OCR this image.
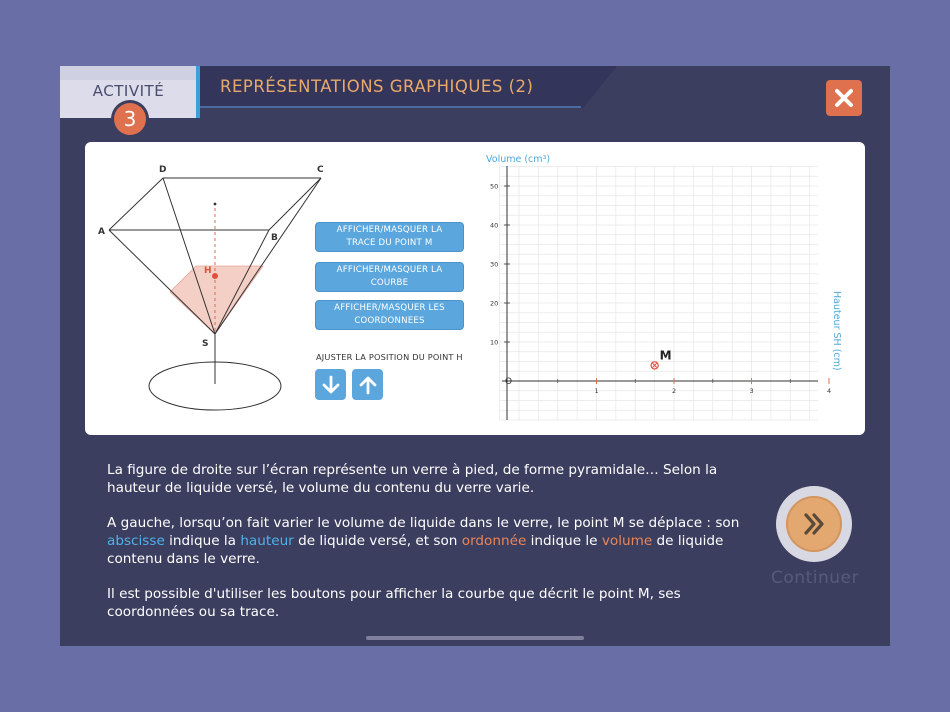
ACTIVITÉ
3
REPRÉSENTATIONS GRAPHIQUES (2)
D	C
A
B
S
H
AFFICHER/MASQUER LA TRACE DU POINT M
AFFICHER/MASQUER LA COURBE
AFFICHER/MASQUER LES COORDONNEES
AJUSTER LA POSITION DU POINT H
1	2	3	4
10
20
30
40
50
M
Volume (cm³)
Hauteur SH (cm)
O

La figure de droite sur l’écran représente un verre à pied, de forme pyramidale… Selon la hauteur de liquide versé, le volume du contenu du verre varie.

A gauche, lorsqu’on fait varier le volume de liquide dans le verre, le point M se déplace : son abscisse indique la hauteur de liquide versé, et son ordonnée indique le volume de liquide contenu dans le verre.

Il est possible d'utiliser les boutons pour afficher la courbe que décrit le point M, ses coordonnées ou sa trace.

Continuer
